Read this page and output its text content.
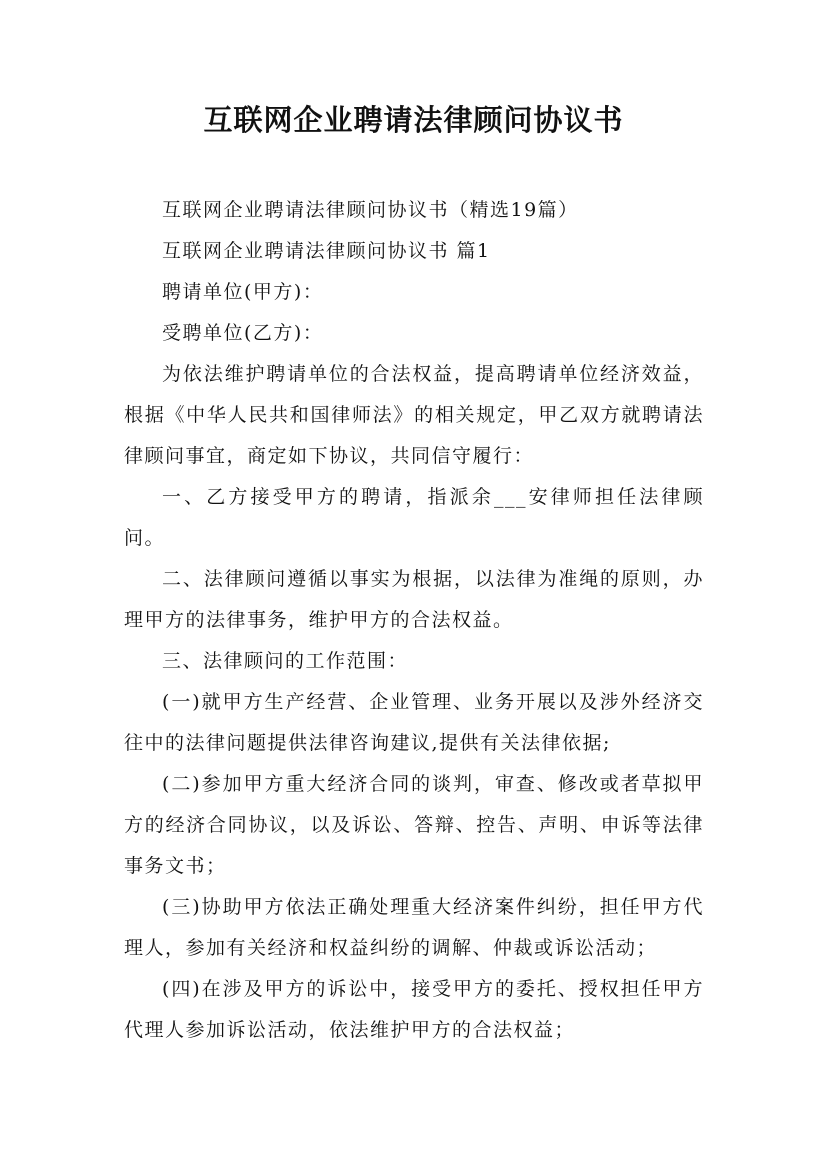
互联网企业聘请法律顾问协议书

互联网企业聘请法律顾问协议书（精选19篇）

互联网企业聘请法律顾问协议书 篇1

聘请单位(甲方)：

受聘单位(乙方)：

为依法维护聘请单位的合法权益，提高聘请单位经济效益，根据《中华人民共和国律师法》的相关规定，甲乙双方就聘请法律顾问事宜，商定如下协议，共同信守履行：

一、乙方接受甲方的聘请，指派余___安律师担任法律顾问。

二、法律顾问遵循以事实为根据，以法律为准绳的原则，办理甲方的法律事务，维护甲方的合法权益。

三、法律顾问的工作范围：

(一)就甲方生产经营、企业管理、业务开展以及涉外经济交往中的法律问题提供法律咨询建议,提供有关法律依据;

(二)参加甲方重大经济合同的谈判，审查、修改或者草拟甲方的经济合同协议，以及诉讼、答辩、控告、声明、申诉等法律事务文书；

(三)协助甲方依法正确处理重大经济案件纠纷，担任甲方代理人，参加有关经济和权益纠纷的调解、仲裁或诉讼活动；

(四)在涉及甲方的诉讼中，接受甲方的委托、授权担任甲方代理人参加诉讼活动，依法维护甲方的合法权益；
